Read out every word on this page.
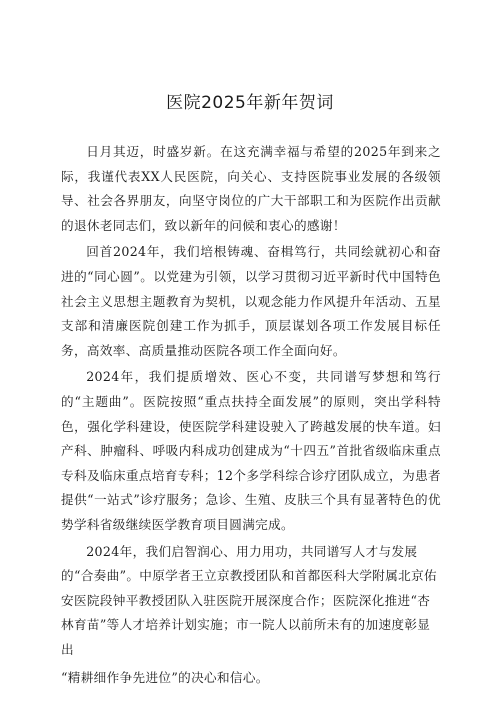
医院2025年新年贺词

日月其迈，时盛岁新。在这充满幸福与希望的2025年到来之际，我谨代表XX人民医院，向关心、支持医院事业发展的各级领导、社会各界朋友，向坚守岗位的广大干部职工和为医院作出贡献的退休老同志们，致以新年的问候和衷心的感谢！

回首2024年，我们培根铸魂、奋楫笃行，共同绘就初心和奋进的“同心圆”。以党建为引领，以学习贯彻习近平新时代中国特色社会主义思想主题教育为契机，以观念能力作风提升年活动、五星支部和清廉医院创建工作为抓手，顶层谋划各项工作发展目标任务，高效率、高质量推动医院各项工作全面向好。

2024年，我们提质增效、医心不变，共同谱写梦想和笃行的“主题曲”。医院按照“重点扶持全面发展”的原则，突出学科特色，强化学科建设，使医院学科建设驶入了跨越发展的快车道。妇产科、肿瘤科、呼吸内科成功创建成为“十四五”首批省级临床重点专科及临床重点培育专科；12个多学科综合诊疗团队成立，为患者提供“一站式”诊疗服务；急诊、生殖、皮肤三个具有显著特色的优势学科省级继续医学教育项目圆满完成。

2024年，我们启智润心、用力用功，共同谱写人才与发展的“合奏曲”。中原学者王立京教授团队和首都医科大学附属北京佑安医院段钟平教授团队入驻医院开展深度合作；医院深化推进“杏林育苗”等人才培养计划实施；市一院人以前所未有的加速度彰显出

“精耕细作争先进位”的决心和信心。
